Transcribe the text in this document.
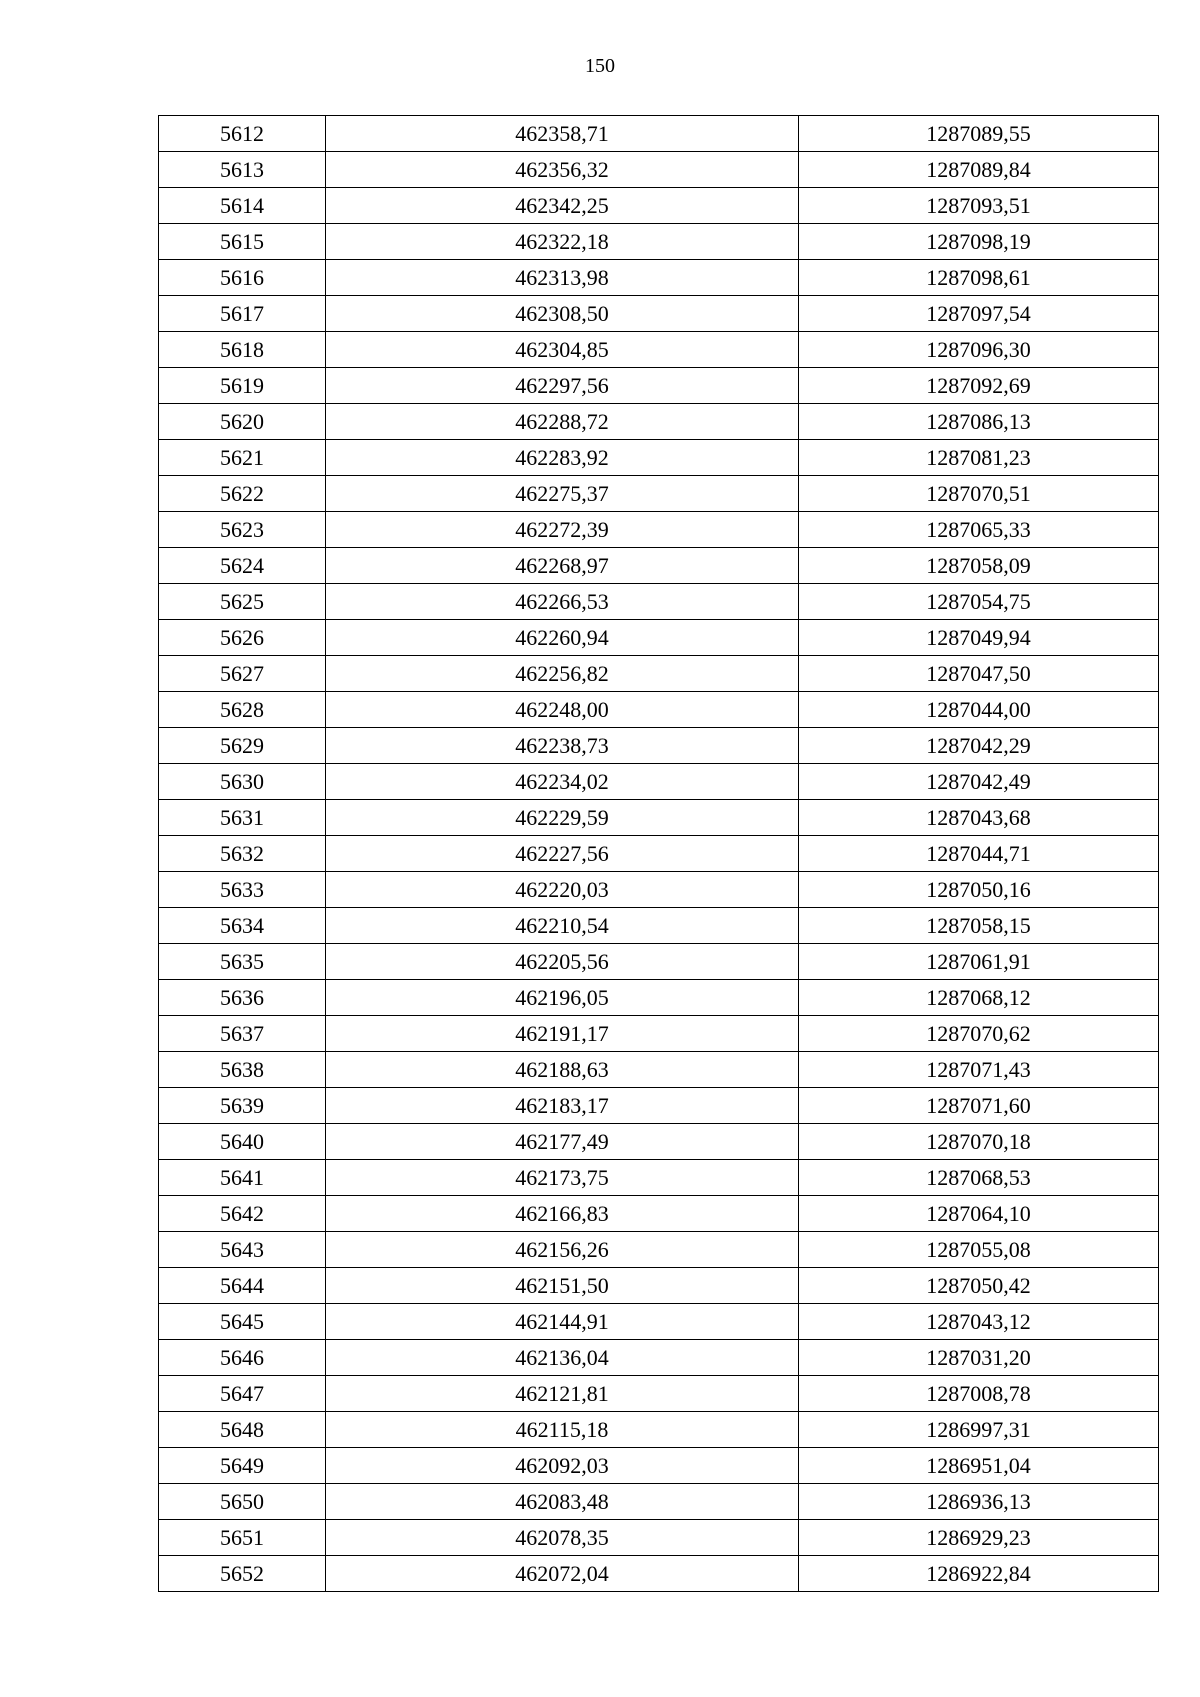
150
5612	462358,71	1287089,55
5613	462356,32	1287089,84
5614	462342,25	1287093,51
5615	462322,18	1287098,19
5616	462313,98	1287098,61
5617	462308,50	1287097,54
5618	462304,85	1287096,30
5619	462297,56	1287092,69
5620	462288,72	1287086,13
5621	462283,92	1287081,23
5622	462275,37	1287070,51
5623	462272,39	1287065,33
5624	462268,97	1287058,09
5625	462266,53	1287054,75
5626	462260,94	1287049,94
5627	462256,82	1287047,50
5628	462248,00	1287044,00
5629	462238,73	1287042,29
5630	462234,02	1287042,49
5631	462229,59	1287043,68
5632	462227,56	1287044,71
5633	462220,03	1287050,16
5634	462210,54	1287058,15
5635	462205,56	1287061,91
5636	462196,05	1287068,12
5637	462191,17	1287070,62
5638	462188,63	1287071,43
5639	462183,17	1287071,60
5640	462177,49	1287070,18
5641	462173,75	1287068,53
5642	462166,83	1287064,10
5643	462156,26	1287055,08
5644	462151,50	1287050,42
5645	462144,91	1287043,12
5646	462136,04	1287031,20
5647	462121,81	1287008,78
5648	462115,18	1286997,31
5649	462092,03	1286951,04
5650	462083,48	1286936,13
5651	462078,35	1286929,23
5652	462072,04	1286922,84
